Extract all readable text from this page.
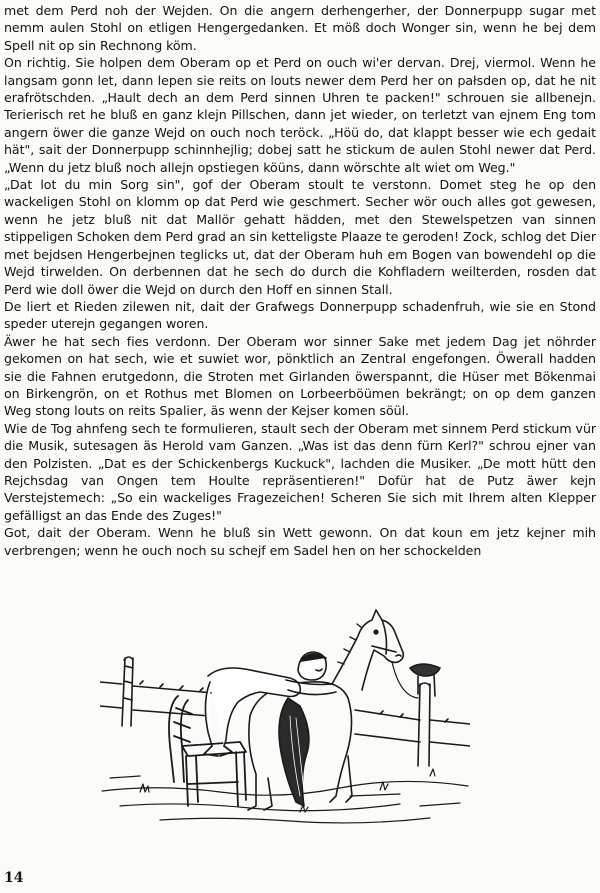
met dem Perd noh der Wejden. On die angern derhengerher, der Donnerpupp sugar met nemm aulen Stohl on etligen Hengergedanken. Et möß doch Wonger sin, wenn he bej dem Spell nit op sin Rechnong köm.

On richtig. Sie holpen dem Oberam op et Perd on ouch wi'er dervan. Drej, viermol. Wenn he langsam gonn let, dann lepen sie reits on louts newer dem Perd her on pałsden op, dat he nit erafrötschden. „Hault dech an dem Perd sinnen Uhren te packen!" schrouen sie allbenejn. Terierisch ret he bluß en ganz klejn Pillschen, dann jet wieder, on terletzt van ejnem Eng tom angern öwer die ganze Wejd on ouch noch teröck. „Höü do, dat klappt besser wie ech gedait hät", sait der Donnerpupp schinnhejlig; dobej satt he stickum de aulen Stohl newer dat Perd. „Wenn du jetz bluß noch allejn opstiegen köüns, dann wörschte alt wiet om Weg."

„Dat lot du min Sorg sin", gof der Oberam stoult te verstonn. Domet steg he op den wackeligen Stohl on klomm op dat Perd wie geschmert. Secher wör ouch alles got gewesen, wenn he jetz bluß nit dat Mallör gehatt hädden, met den Stewelspetzen van sinnen stippeligen Schoken dem Perd grad an sin ketteligste Plaaze te geroden! Zock, schlog det Dier met bejdsen Hengerbejnen teglicks ut, dat der Oberam huh em Bogen van bowendehl op die Wejd tirwelden. On derbennen dat he sech do durch die Kohfladern weilterden, rosden dat Perd wie doll öwer die Wejd on durch den Hoff en sinnen Stall.

De liert et Rieden zilewen nit, dait der Grafwegs Donnerpupp schadenfruh, wie sie en Stond speder uterejn gegangen woren.

Äwer he hat sech fies verdonn. Der Oberam wor sinner Sake met jedem Dag jet nöhrder gekomen on hat sech, wie et suwiet wor, pönktlich an Zentral engefongen. Öwerall hadden sie die Fahnen erutgedonn, die Stroten met Girlanden öwerspannt, die Hüser met Bökenmai on Birkengrön, on et Rothus met Blomen on Lorbeerböümen bekrängt; on op dem ganzen Weg stong louts on reits Spalier, äs wenn der Kejser komen söül.

Wie de Tog ahnfeng sech te formulieren, stault sech der Oberam met sinnem Perd stickum vür die Musik, sutesagen äs Herold vam Ganzen. „Was ist das denn fürn Kerl?" schrou ejner van den Polzisten. „Dat es der Schickenbergs Kuckuck", lachden die Musiker. „De mott hütt den Rejchsdag van Ongen tem Houlte repräsentieren!" Dofür hat de Putz äwer kejn Verstejstemech: „So ein wackeliges Fragezeichen! Scheren Sie sich mit Ihrem alten Klepper gefälligst an das Ende des Zuges!"

Got, dait der Oberam. Wenn he bluß sin Wett gewonn. On dat koun em jetz kejner mih verbrengen; wenn he ouch noch su schejf em Sadel hen on her schockelden

14
